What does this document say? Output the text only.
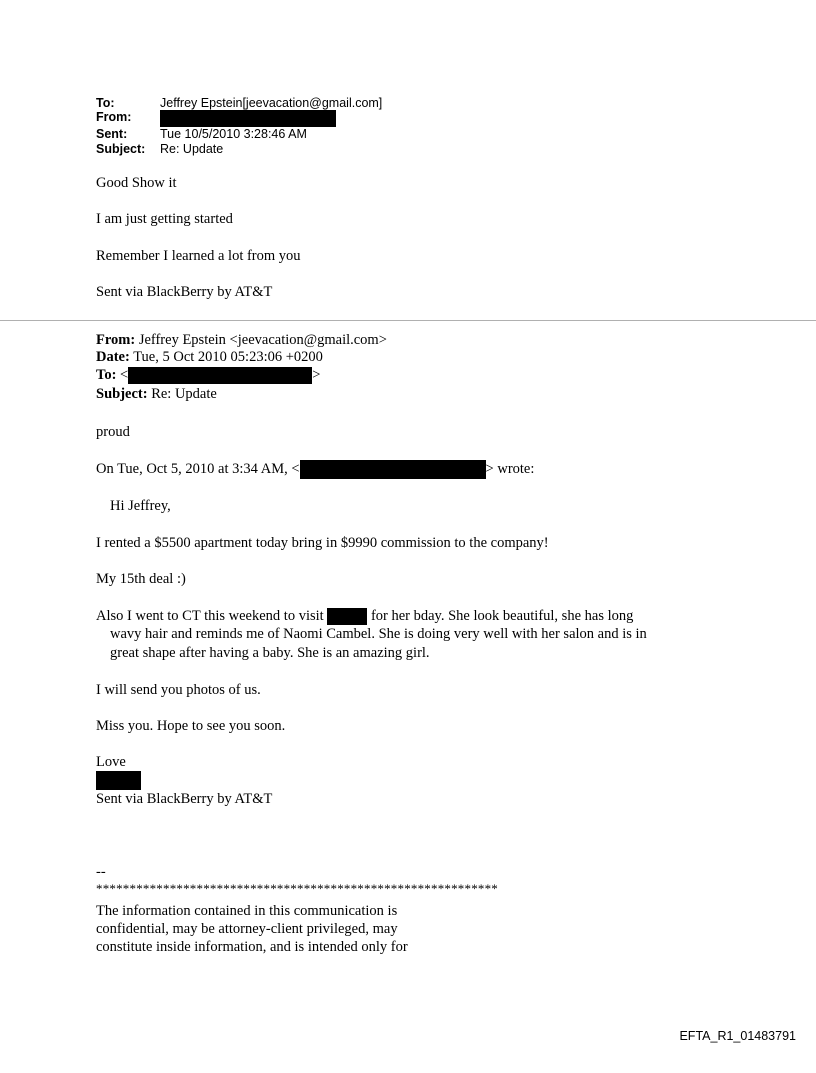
To:	Jeffrey Epstein[jeevacation@gmail.com]
From:
Sent:	Tue 10/5/2010 3:28:46 AM
Subject: Re: Update
Good Show it
I am just getting started
Remember I learned a lot from you
Sent via BlackBerry by AT&T
From: Jeffrey Epstein <jeevacation@gmail.com>
Date: Tue, 5 Oct 2010 05:23:06 +0200
To: <	>
Subject: Re: Update
proud
On Tue, Oct 5, 2010 at 3:34 AM, <	> wrote:
Hi Jeffrey,
I rented a $5500 apartment today bring in $9990 commission to the company!
My 15th deal :)
Also I went to CT this weekend to visit	for her bday. She look beautiful, she has long
wavy hair and reminds me of Naomi Cambel. She is doing very well with her salon and is in
great shape after having a baby. She is an amazing girl.
I will send you photos of us.
Miss you. Hope to see you soon.
Love
Sent via BlackBerry by AT&T
--
************************************************************
The information contained in this communication is
confidential, may be attorney-client privileged, may
constitute inside information, and is intended only for
EFTA_R1_01483791
